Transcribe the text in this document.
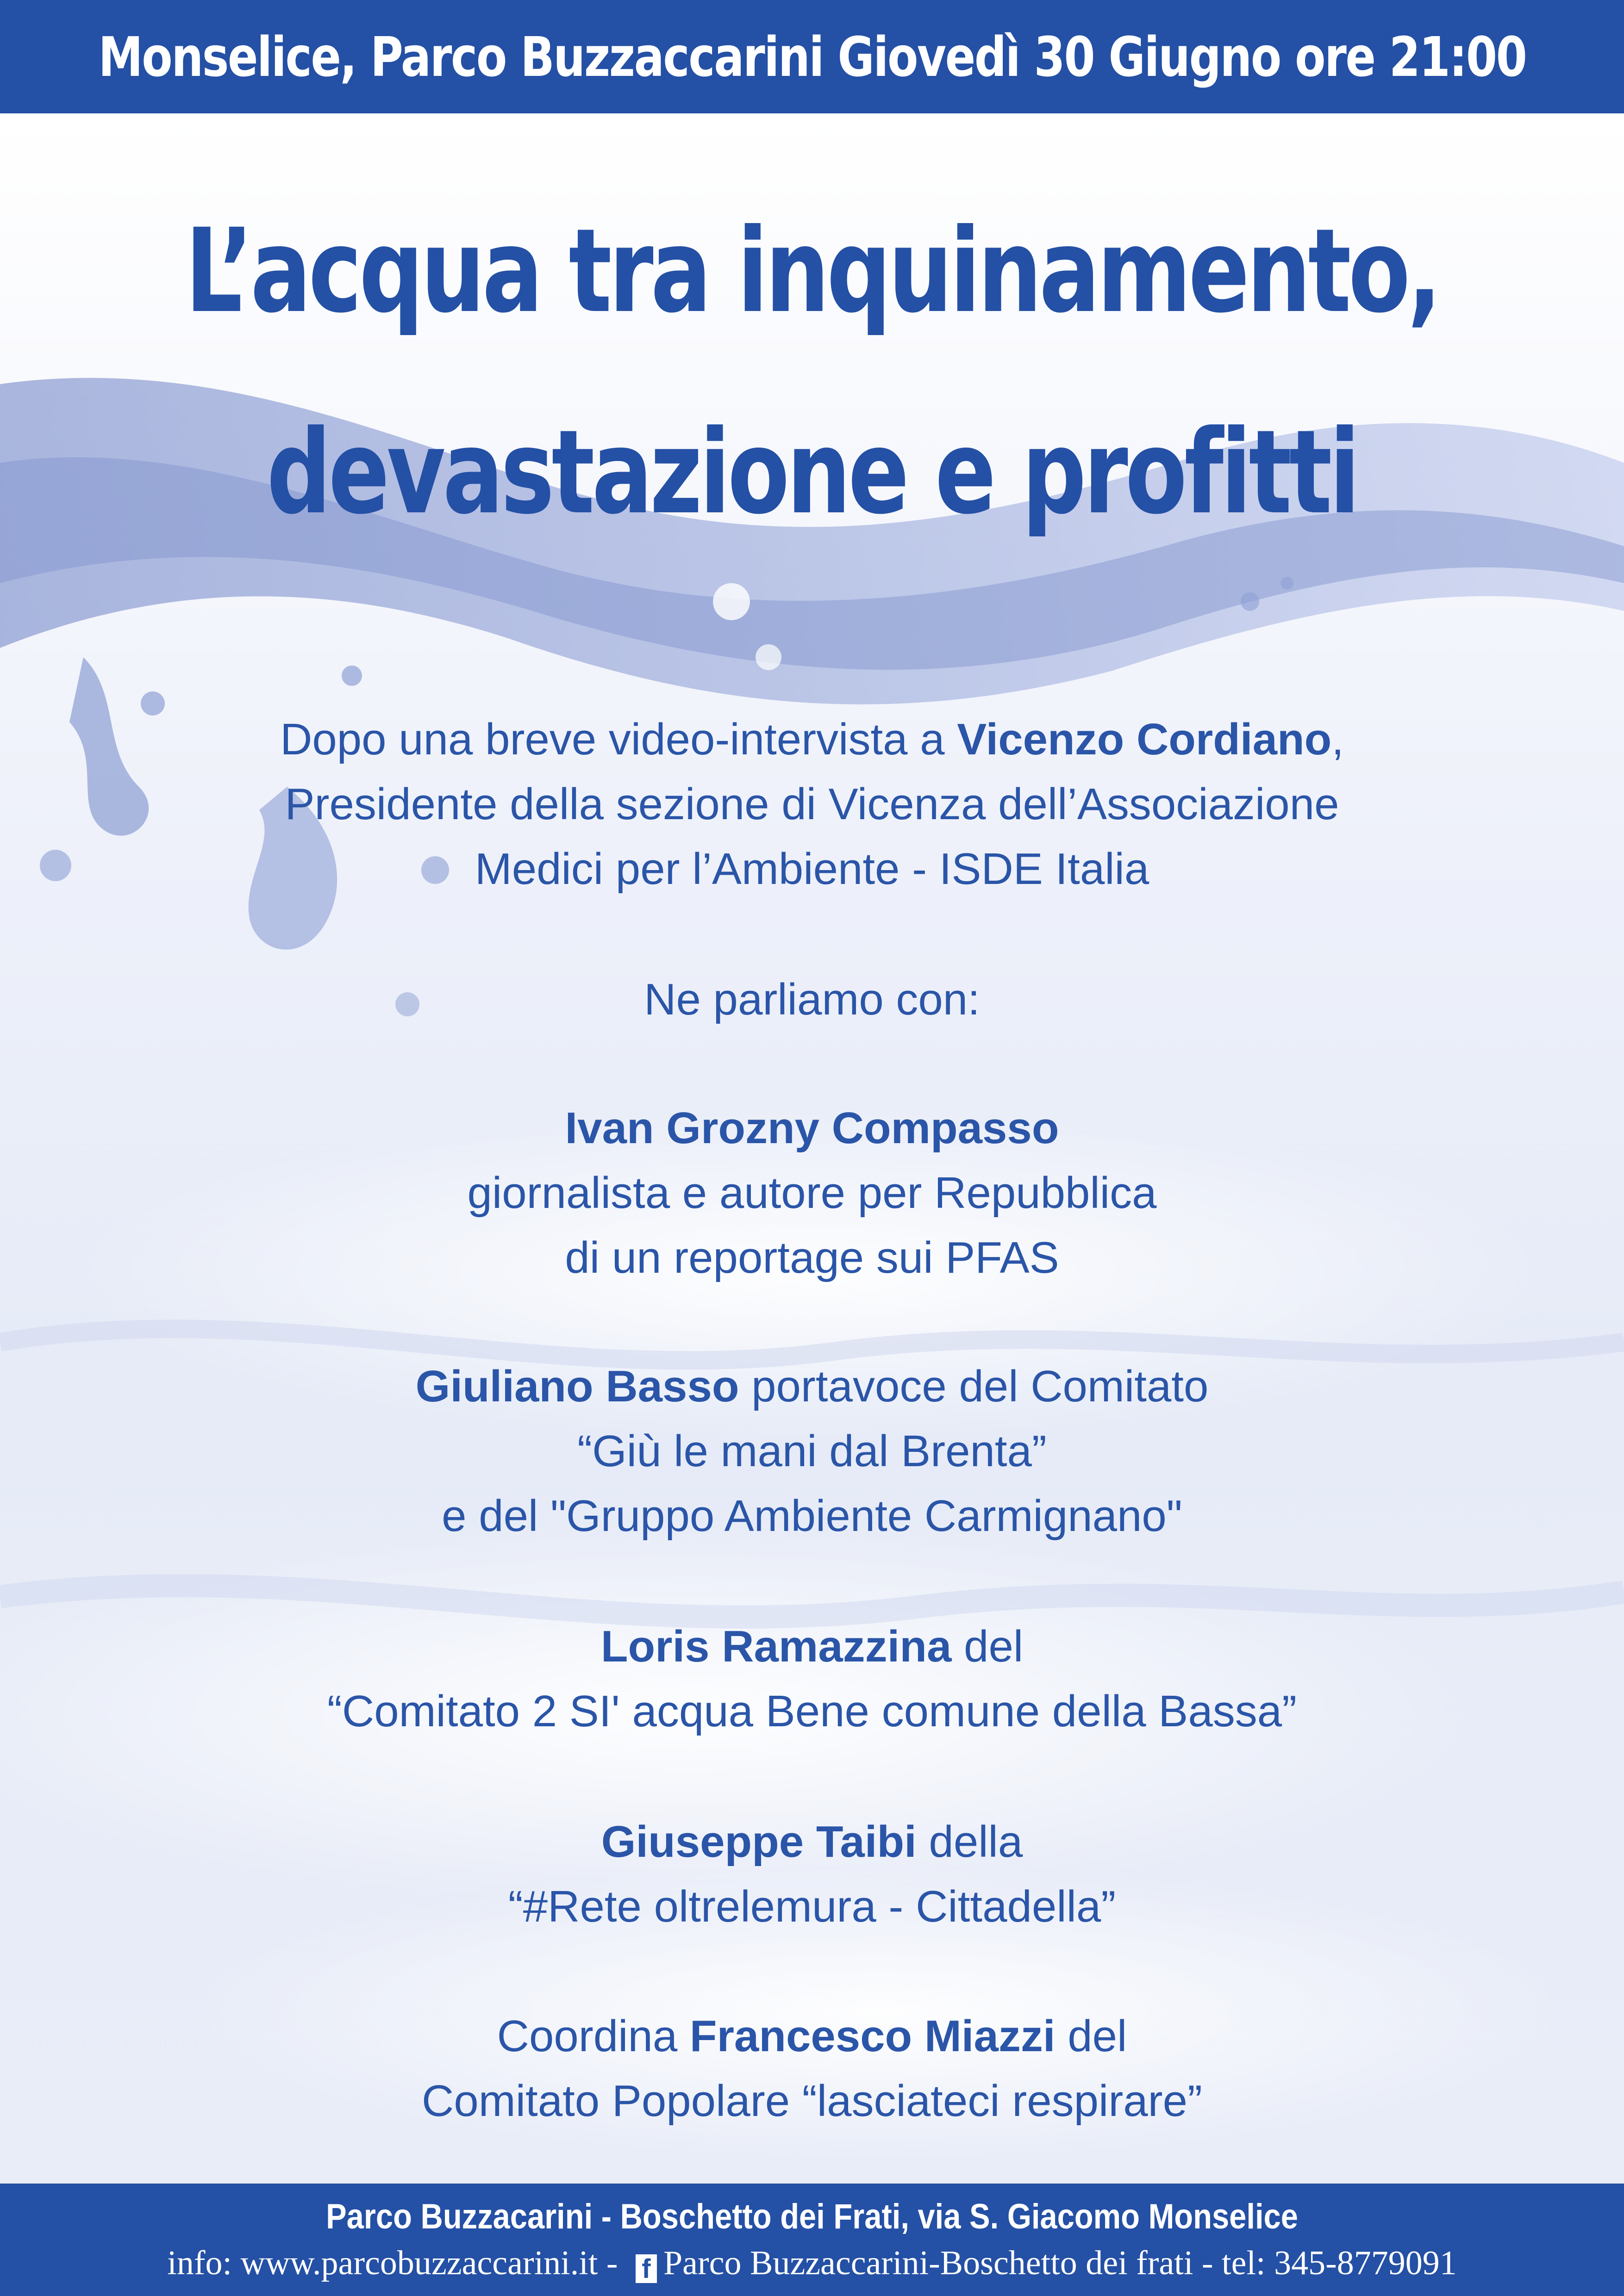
Monselice, Parco Buzzaccarini Giovedì 30 Giugno ore 21:00
L’acqua tra inquinamento,
devastazione e profitti
Dopo una breve video-intervista a Vicenzo Cordiano,
Presidente della sezione di Vicenza dell’Associazione
Medici per l’Ambiente - ISDE Italia
Ne parliamo con:
Ivan Grozny Compasso
giornalista e autore per Repubblica
di un reportage sui PFAS
Giuliano Basso portavoce del Comitato
“Giù le mani dal Brenta”
e del "Gruppo Ambiente Carmignano"
Loris Ramazzina del
“Comitato 2 SI' acqua Bene comune della Bassa”
Giuseppe Taibi della
“#Rete oltrelemura - Cittadella”
Coordina Francesco Miazzi del
Comitato Popolare “lasciateci respirare”
Parco Buzzacarini - Boschetto dei Frati, via S. Giacomo Monselice
info: www.parcobuzzaccarini.it - f Parco Buzzaccarini-Boschetto dei frati - tel: 345-8779091
